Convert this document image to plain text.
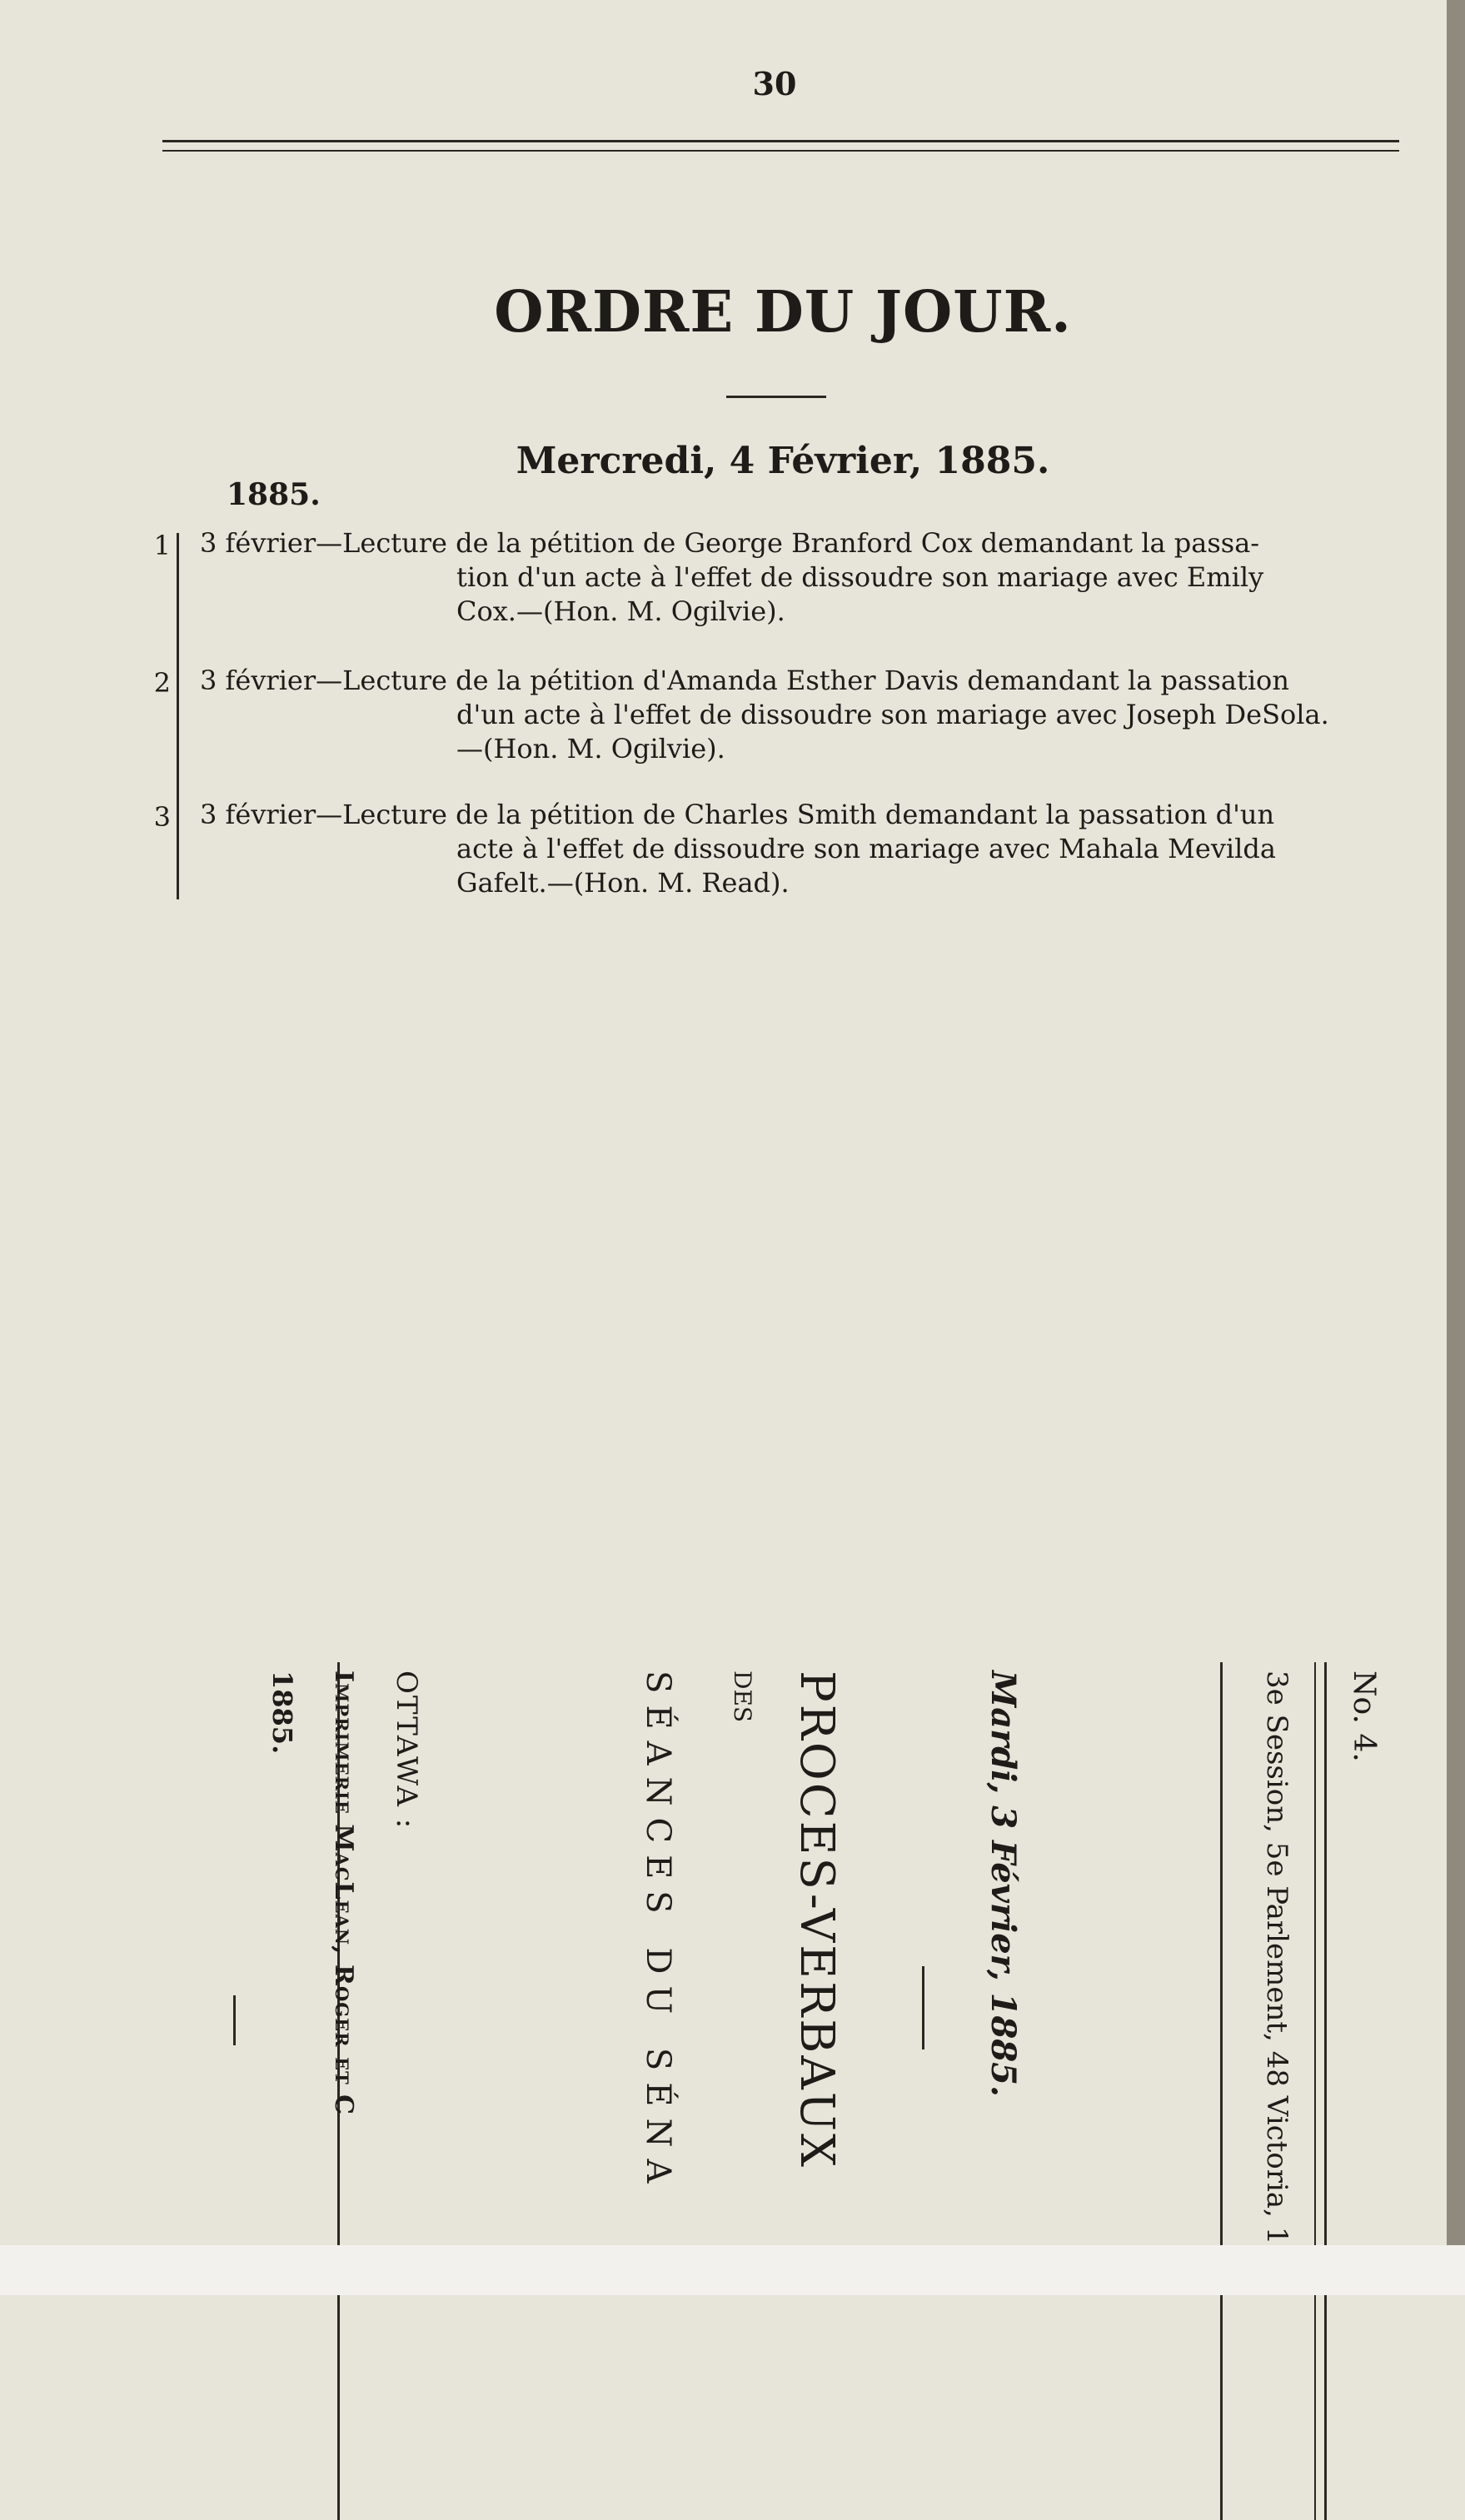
30
ORDRE DU JOUR.
Mercredi, 4 Février, 1885.
1885.
1 3 février—Lecture de la pétition de George Branford Cox demandant la passa-
tion d'un acte à l'effet de dissoudre son mariage avec Emily
Cox.—(Hon. M. Ogilvie).
2 3 février—Lecture de la pétition d'Amanda Esther Davis demandant la passation
d'un acte à l'effet de dissoudre son mariage avec Joseph DeSola.
—(Hon. M. Ogilvie).
3 3 février—Lecture de la pétition de Charles Smith demandant la passation d'un
acte à l'effet de dissoudre son mariage avec Mahala Mevilda
Gafelt.—(Hon. M. Read).
No. 4.
3e Session, 5e Parlement, 48 Victoria, 1
Mardi, 3 Février, 1885.
PROCES-VERBAUX
DES
SÉANCES DU SÉNA
OTTAWA :
Imprimerie MacLean, Roger et C
1885.
